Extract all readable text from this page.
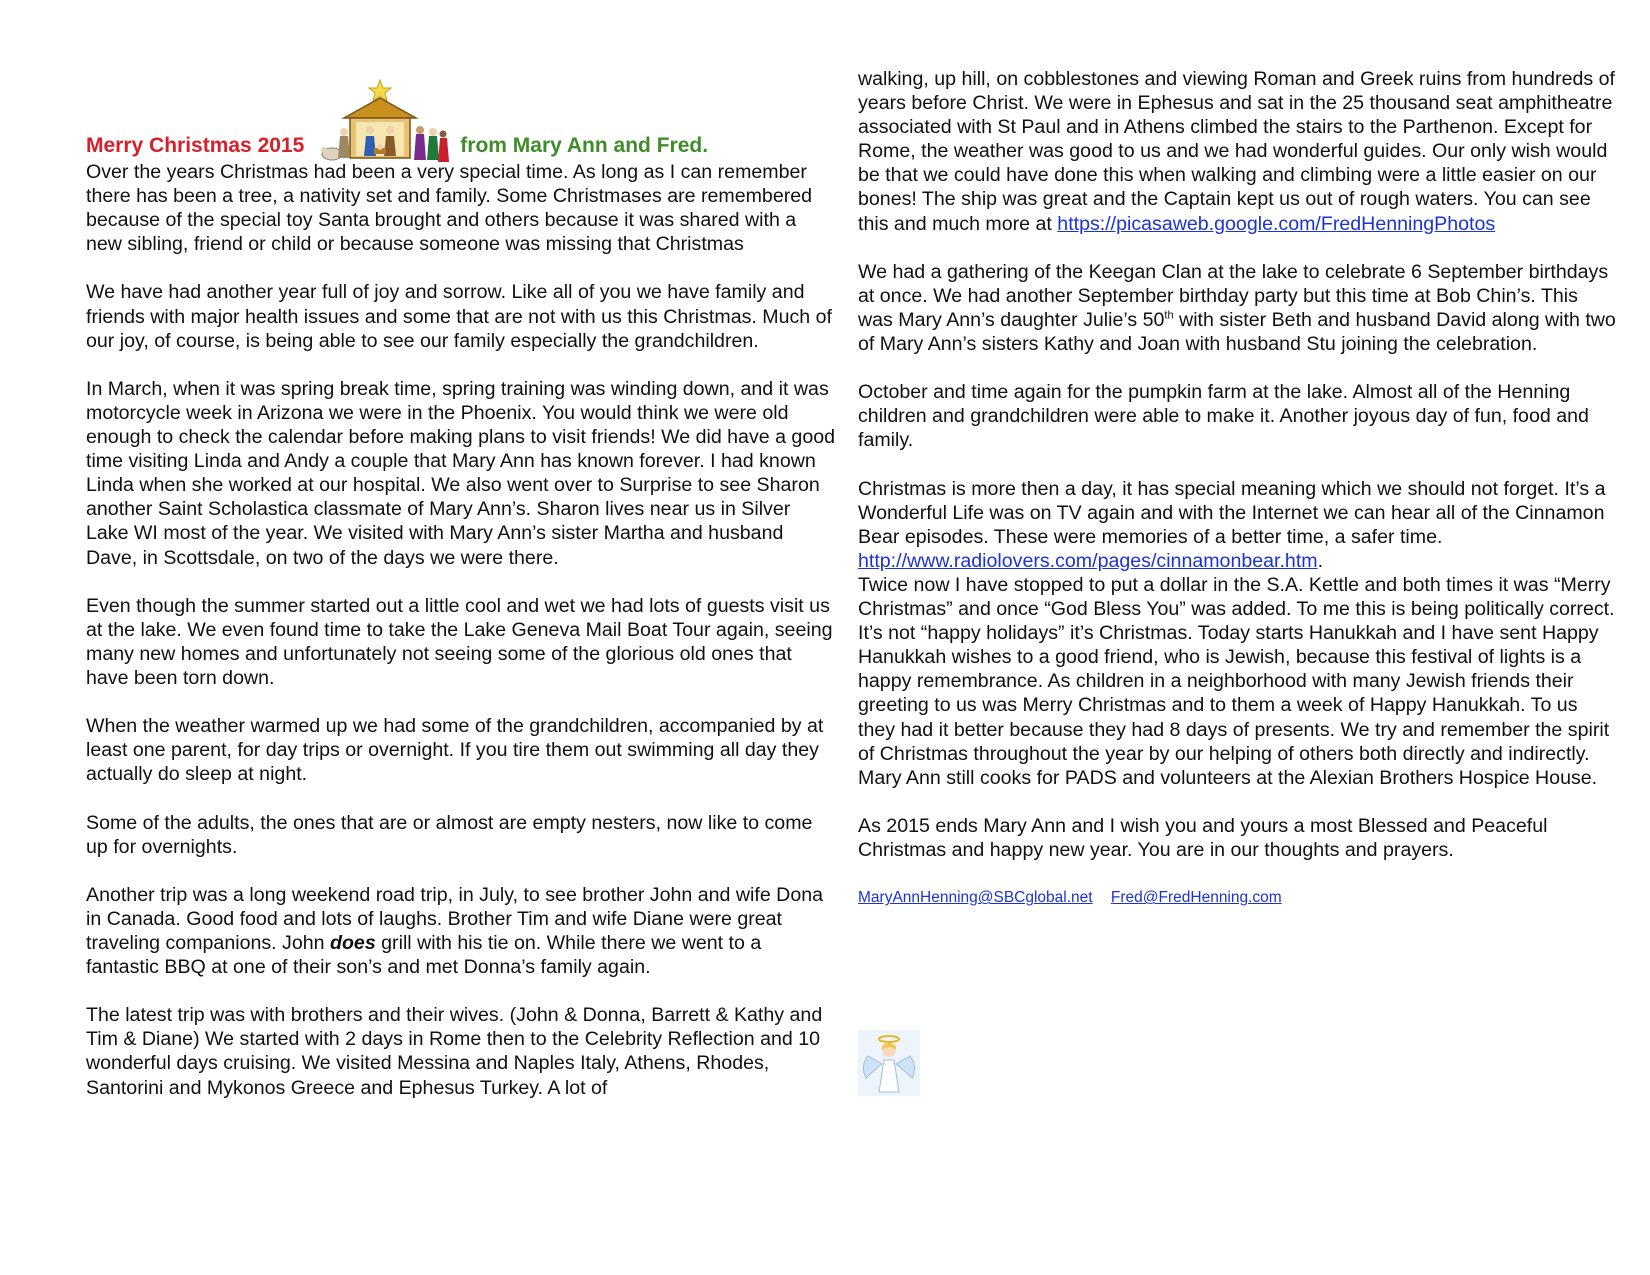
Merry Christmas 2015	from Mary Ann and Fred.

Over the years Christmas had been a very special time. As long as I can remember there has been a tree, a nativity set and family. Some Christmases are remembered because of the special toy Santa brought and others because it was shared with a new sibling, friend or child or because someone was missing that Christmas

We have had another year full of joy and sorrow. Like all of you we have family and friends with major health issues and some that are not with us this Christmas. Much of our joy, of course, is being able to see our family especially the grandchildren.

In March, when it was spring break time, spring training was winding down, and it was motorcycle week in Arizona we were in the Phoenix. You would think we were old enough to check the calendar before making plans to visit friends! We did have a good time visiting Linda and Andy a couple that Mary Ann has known forever. I had known Linda when she worked at our hospital. We also went over to Surprise to see Sharon another Saint Scholastica classmate of Mary Ann’s. Sharon lives near us in Silver Lake WI most of the year. We visited with Mary Ann’s sister Martha and husband Dave, in Scottsdale, on two of the days we were there.

Even though the summer started out a little cool and wet we had lots of guests visit us at the lake. We even found time to take the Lake Geneva Mail Boat Tour again, seeing many new homes and unfortunately not seeing some of the glorious old ones that have been torn down.

When the weather warmed up we had some of the grandchildren, accompanied by at least one parent, for day trips or overnight. If you tire them out swimming all day they actually do sleep at night.

Some of the adults, the ones that are or almost are empty nesters, now like to come up for overnights.

Another trip was a long weekend road trip, in July, to see brother John and wife Dona in Canada. Good food and lots of laughs. Brother Tim and wife Diane were great traveling companions. John does grill with his tie on. While there we went to a fantastic BBQ at one of their son’s and met Donna’s family again.

The latest trip was with brothers and their wives. (John & Donna, Barrett & Kathy and Tim & Diane) We started with 2 days in Rome then to the Celebrity Reflection and 10 wonderful days cruising. We visited Messina and Naples Italy, Athens, Rhodes, Santorini and Mykonos Greece and Ephesus Turkey. A lot of

walking, up hill, on cobblestones and viewing Roman and Greek ruins from hundreds of years before Christ. We were in Ephesus and sat in the 25 thousand seat amphitheatre associated with St Paul and in Athens climbed the stairs to the Parthenon. Except for Rome, the weather was good to us and we had wonderful guides. Our only wish would be that we could have done this when walking and climbing were a little easier on our bones! The ship was great and the Captain kept us out of rough waters. You can see this and much more at https://picasaweb.google.com/FredHenningPhotos

We had a gathering of the Keegan Clan at the lake to celebrate 6 September birthdays at once. We had another September birthday party but this time at Bob Chin’s. This was Mary Ann’s daughter Julie’s 50th with sister Beth and husband David along with two of Mary Ann’s sisters Kathy and Joan with husband Stu joining the celebration.

October and time again for the pumpkin farm at the lake. Almost all of the Henning children and grandchildren were able to make it. Another joyous day of fun, food and family.

Christmas is more then a day, it has special meaning which we should not forget. It’s a Wonderful Life was on TV again and with the Internet we can hear all of the Cinnamon Bear episodes. These were memories of a better time, a safer time. http://www.radiolovers.com/pages/cinnamonbear.htm.
Twice now I have stopped to put a dollar in the S.A. Kettle and both times it was “Merry Christmas” and once “God Bless You” was added. To me this is being politically correct. It’s not “happy holidays” it’s Christmas. Today starts Hanukkah and I have sent Happy Hanukkah wishes to a good friend, who is Jewish, because this festival of lights is a happy remembrance. As children in a neighborhood with many Jewish friends their greeting to us was Merry Christmas and to them a week of Happy Hanukkah. To us they had it better because they had 8 days of presents. We try and remember the spirit of Christmas throughout the year by our helping of others both directly and indirectly. Mary Ann still cooks for PADS and volunteers at the Alexian Brothers Hospice House.

As 2015 ends Mary Ann and I wish you and yours a most Blessed and Peaceful Christmas and happy new year. You are in our thoughts and prayers.

MaryAnnHenning@SBCglobal.net Fred@FredHenning.com
